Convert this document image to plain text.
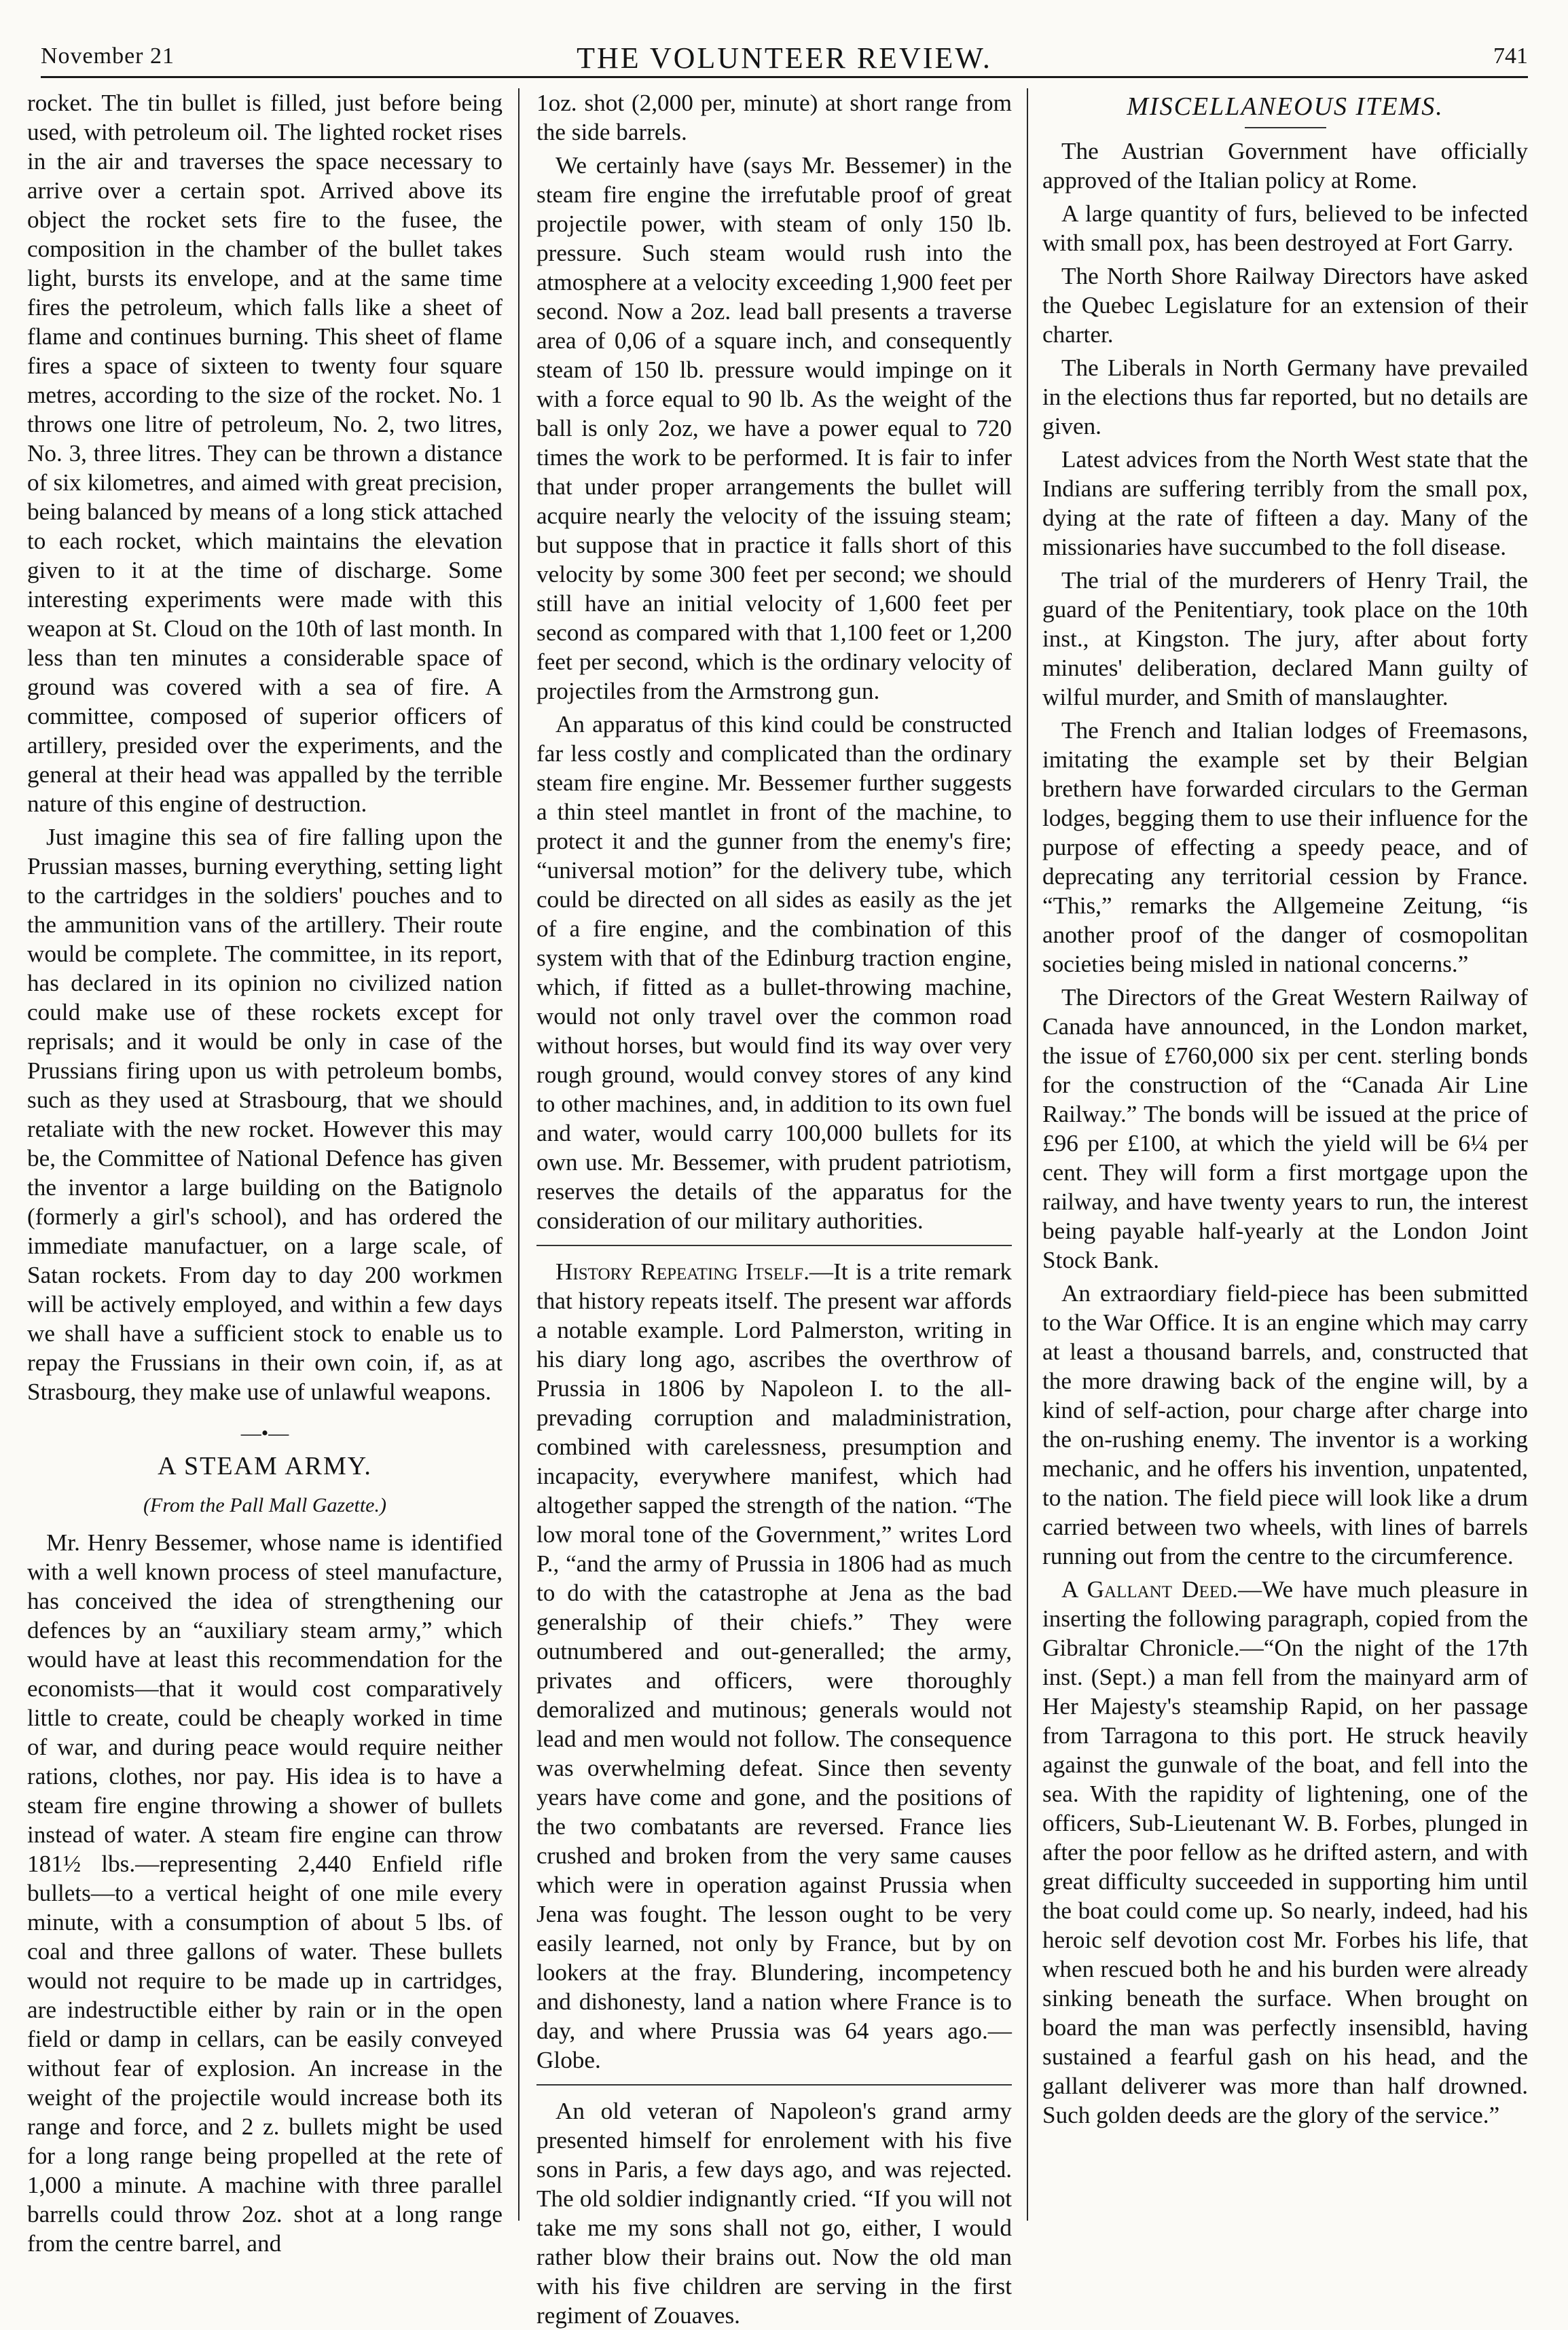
November 21	THE VOLUNTEER REVIEW.	741

rocket. The tin bullet is filled, just before being used, with petroleum oil. The lighted rocket rises in the air and traverses the space necessary to arrive over a certain spot. Arrived above its object the rocket sets fire to the fusee, the composition in the chamber of the bullet takes light, bursts its envelope, and at the same time fires the petroleum, which falls like a sheet of flame and continues burning. This sheet of flame fires a space of sixteen to twenty four square metres, according to the size of the rocket. No. 1 throws one litre of petroleum, No. 2, two litres, No. 3, three litres. They can be thrown a distance of six kilometres, and aimed with great precision, being balanced by means of a long stick attached to each rocket, which maintains the elevation given to it at the time of discharge. Some interesting experiments were made with this weapon at St. Cloud on the 10th of last month. In less than ten minutes a considerable space of ground was covered with a sea of fire. A committee, composed of superior officers of artillery, presided over the experiments, and the general at their head was appalled by the terrible nature of this engine of destruction.

Just imagine this sea of fire falling upon the Prussian masses, burning everything, setting light to the cartridges in the soldiers' pouches and to the ammunition vans of the artillery. Their route would be complete. The committee, in its report, has declared in its opinion no civilized nation could make use of these rockets except for reprisals; and it would be only in case of the Prussians firing upon us with petroleum bombs, such as they used at Strasbourg, that we should retaliate with the new rocket. However this may be, the Committee of National Defence has given the inventor a large building on the Batignolo (formerly a girl's school), and has ordered the immediate manufactuer, on a large scale, of Satan rockets. From day to day 200 workmen will be actively employed, and within a few days we shall have a sufficient stock to enable us to repay the Frussians in their own coin, if, as at Strasbourg, they make use of unlawful weapons.

—•—
A STEAM ARMY.
(From the Pall Mall Gazette.)

Mr. Henry Bessemer, whose name is identified with a well known process of steel manufacture, has conceived the idea of strengthening our defences by an “auxiliary steam army,” which would have at least this recommendation for the economists—that it would cost comparatively little to create, could be cheaply worked in time of war, and during peace would require neither rations, clothes, nor pay. His idea is to have a steam fire engine throwing a shower of bullets instead of water. A steam fire engine can throw 181½ lbs.—representing 2,440 Enfield rifle bullets—to a vertical height of one mile every minute, with a consumption of about 5 lbs. of coal and three gallons of water. These bullets would not require to be made up in cartridges, are indestructible either by rain or in the open field or damp in cellars, can be easily conveyed without fear of explosion. An increase in the weight of the projectile would increase both its range and force, and 2 z. bullets might be used for a long range being propelled at the rete of 1,000 a minute. A machine with three parallel barrells could throw 2oz. shot at a long range from the centre barrel, and

1oz. shot (2,000 per, minute) at short range from the side barrels.

We certainly have (says Mr. Bessemer) in the steam fire engine the irrefutable proof of great projectile power, with steam of only 150 lb. pressure. Such steam would rush into the atmosphere at a velocity exceeding 1,900 feet per second. Now a 2oz. lead ball presents a traverse area of 0,06 of a square inch, and consequently steam of 150 lb. pressure would impinge on it with a force equal to 90 lb. As the weight of the ball is only 2oz, we have a power equal to 720 times the work to be performed. It is fair to infer that under proper arrangements the bullet will acquire nearly the velocity of the issuing steam; but suppose that in practice it falls short of this velocity by some 300 feet per second; we should still have an initial velocity of 1,600 feet per second as compared with that 1,100 feet or 1,200 feet per second, which is the ordinary velocity of projectiles from the Armstrong gun.

An apparatus of this kind could be constructed far less costly and complicated than the ordinary steam fire engine. Mr. Bessemer further suggests a thin steel mantlet in front of the machine, to protect it and the gunner from the enemy's fire; “universal motion” for the delivery tube, which could be directed on all sides as easily as the jet of a fire engine, and the combination of this system with that of the Edinburg traction engine, which, if fitted as a bullet-throwing machine, would not only travel over the common road without horses, but would find its way over very rough ground, would convey stores of any kind to other machines, and, in addition to its own fuel and water, would carry 100,000 bullets for its own use. Mr. Bessemer, with prudent patriotism, reserves the details of the apparatus for the consideration of our military authorities.

History Repeating Itself.—It is a trite remark that history repeats itself. The present war affords a notable example. Lord Palmerston, writing in his diary long ago, ascribes the overthrow of Prussia in 1806 by Napoleon I. to the all-prevading corruption and maladministration, combined with carelessness, presumption and incapacity, everywhere manifest, which had altogether sapped the strength of the nation. “The low moral tone of the Government,” writes Lord P., “and the army of Prussia in 1806 had as much to do with the catastrophe at Jena as the bad generalship of their chiefs.” They were outnumbered and out-generalled; the army, privates and officers, were thoroughly demoralized and mutinous; generals would not lead and men would not follow. The consequence was overwhelming defeat. Since then seventy years have come and gone, and the positions of the two combatants are reversed. France lies crushed and broken from the very same causes which were in operation against Prussia when Jena was fought. The lesson ought to be very easily learned, not only by France, but by on lookers at the fray. Blundering, incompetency and dishonesty, land a nation where France is to day, and where Prussia was 64 years ago.—Globe.

An old veteran of Napoleon's grand army presented himself for enrolement with his five sons in Paris, a few days ago, and was rejected. The old soldier indignantly cried. “If you will not take me my sons shall not go, either, I would rather blow their brains out. Now the old man with his five children are serving in the first regiment of Zouaves.

MISCELLANEOUS ITEMS.

The Austrian Government have officially approved of the Italian policy at Rome.

A large quantity of furs, believed to be infected with small pox, has been destroyed at Fort Garry.

The North Shore Railway Directors have asked the Quebec Legislature for an extension of their charter.

The Liberals in North Germany have prevailed in the elections thus far reported, but no details are given.

Latest advices from the North West state that the Indians are suffering terribly from the small pox, dying at the rate of fifteen a day. Many of the missionaries have succumbed to the foll disease.

The trial of the murderers of Henry Trail, the guard of the Penitentiary, took place on the 10th inst., at Kingston. The jury, after about forty minutes' deliberation, declared Mann guilty of wilful murder, and Smith of manslaughter.

The French and Italian lodges of Freemasons, imitating the example set by their Belgian brethern have forwarded circulars to the German lodges, begging them to use their influence for the purpose of effecting a speedy peace, and of deprecating any territorial cession by France. “This,” remarks the Allgemeine Zeitung, “is another proof of the danger of cosmopolitan societies being misled in national concerns.”

The Directors of the Great Western Railway of Canada have announced, in the London market, the issue of £760,000 six per cent. sterling bonds for the construction of the “Canada Air Line Railway.” The bonds will be issued at the price of £96 per £100, at which the yield will be 6¼ per cent. They will form a first mortgage upon the railway, and have twenty years to run, the interest being payable half-yearly at the London Joint Stock Bank.

An extraordiary field-piece has been submitted to the War Office. It is an engine which may carry at least a thousand barrels, and, constructed that the more drawing back of the engine will, by a kind of self-action, pour charge after charge into the on-rushing enemy. The inventor is a working mechanic, and he offers his invention, unpatented, to the nation. The field piece will look like a drum carried between two wheels, with lines of barrels running out from the centre to the circumference.

A Gallant Deed.—We have much pleasure in inserting the following paragraph, copied from the Gibraltar Chronicle.—“On the night of the 17th inst. (Sept.) a man fell from the mainyard arm of Her Majesty's steamship Rapid, on her passage from Tarragona to this port. He struck heavily against the gunwale of the boat, and fell into the sea. With the rapidity of lightening, one of the officers, Sub-Lieutenant W. B. Forbes, plunged in after the poor fellow as he drifted astern, and with great difficulty succeeded in supporting him until the boat could come up. So nearly, indeed, had his heroic self devotion cost Mr. Forbes his life, that when rescued both he and his burden were already sinking beneath the surface. When brought on board the man was perfectly insensibld, having sustained a fearful gash on his head, and the gallant deliverer was more than half drowned. Such golden deeds are the glory of the service.”
